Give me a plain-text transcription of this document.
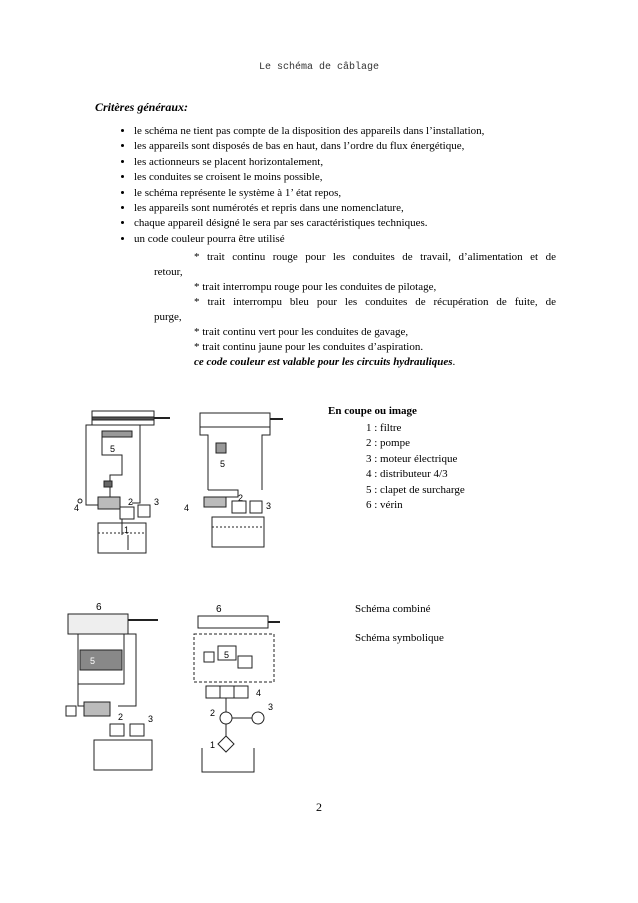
Le schéma de câblage
Critères généraux:
• le schéma ne tient pas compte de la disposition des appareils dans l’installation,
• les appareils sont disposés de bas en haut, dans l’ordre du flux énergétique,
• les actionneurs se placent horizontalement,
• les conduites se croisent le moins possible,
• le schéma représente le système à 1’ état repos,
• les appareils sont numérotés et repris dans une nomenclature,
• chaque appareil désigné le sera par ses caractéristiques techniques.
• un code couleur pourra être utilisé
* trait continu rouge pour les conduites de travail, d’alimentation et de
retour,
* trait interrompu rouge pour les conduites de pilotage,
* trait interrompu bleu pour les conduites de récupération de fuite, de
purge,
* trait continu vert pour les conduites de gavage,
* trait continu jaune pour les conduites d’aspiration.
ce code couleur est valable pour les circuits hydrauliques.
5
4
2 3
1
5
4
2
3
En coupe ou image
1 : filtre
2 : pompe
3 : moteur électrique
4 : distributeur 4/3
5 : clapet de surcharge
6 : vérin
6
5
2	3
6
5
4
2
3
1
Schéma combiné
Schéma symbolique
2
